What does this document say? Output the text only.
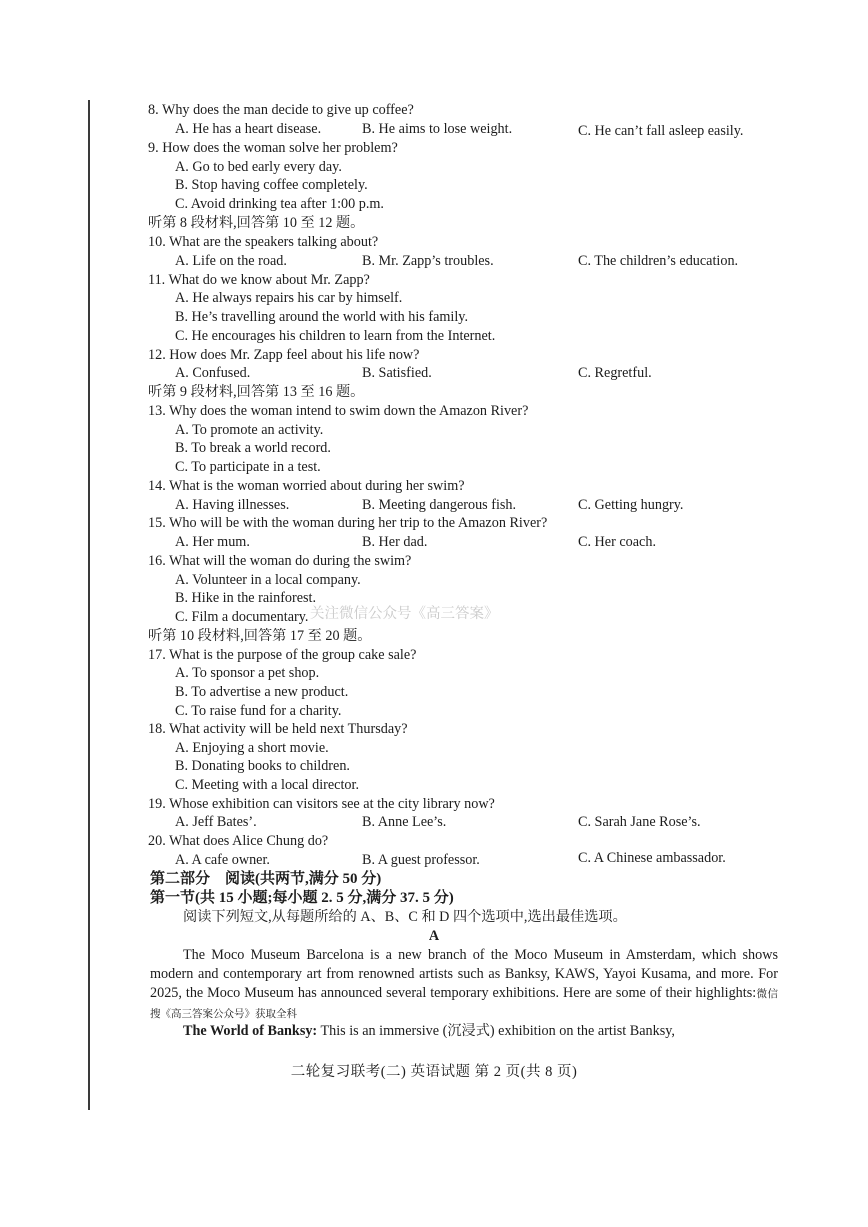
8. Why does the man decide to give up coffee?
A. He has a heart disease.	B. He aims to lose weight.	C. He can’t fall asleep easily.
9. How does the woman solve her problem?
A. Go to bed early every day.
B. Stop having coffee completely.
C. Avoid drinking tea after 1:00 p.m.
听第 8 段材料,回答第 10 至 12 题。
10. What are the speakers talking about?
A. Life on the road.	B. Mr. Zapp’s troubles.	C. The children’s education.
11. What do we know about Mr. Zapp?
A. He always repairs his car by himself.
B. He’s travelling around the world with his family.
C. He encourages his children to learn from the Internet.
12. How does Mr. Zapp feel about his life now?
A. Confused.	B. Satisfied.	C. Regretful.
听第 9 段材料,回答第 13 至 16 题。
13. Why does the woman intend to swim down the Amazon River?
A. To promote an activity.
B. To break a world record.
C. To participate in a test.
14. What is the woman worried about during her swim?
A. Having illnesses.	B. Meeting dangerous fish.	C. Getting hungry.
15. Who will be with the woman during her trip to the Amazon River?
A. Her mum.	B. Her dad.	C. Her coach.
16. What will the woman do during the swim?
A. Volunteer in a local company.
B. Hike in the rainforest.
C. Film a documentary. 关注微信公众号《高三答案》
听第 10 段材料,回答第 17 至 20 题。
17. What is the purpose of the group cake sale?
A. To sponsor a pet shop.
B. To advertise a new product.
C. To raise fund for a charity.
18. What activity will be held next Thursday?
A. Enjoying a short movie.
B. Donating books to children.
C. Meeting with a local director.
19. Whose exhibition can visitors see at the city library now?
A. Jeff Bates’.	B. Anne Lee’s.	C. Sarah Jane Rose’s.
20. What does Alice Chung do?
A. A cafe owner.	B. A guest professor.	C. A Chinese ambassador.
第二部分　阅读(共两节,满分 50 分)
第一节(共 15 小题;每小题 2. 5 分,满分 37. 5 分)
阅读下列短文,从每题所给的 A、B、C 和 D 四个选项中,选出最佳选项。
A
The Moco Museum Barcelona is a new branch of the Moco Museum in Amsterdam, which shows modern and contemporary art from renowned artists such as Banksy, KAWS, Yayoi Kusama, and more. For 2025, the Moco Museum has announced several temporary exhibitions. Here are some of their highlights:微信搜《高三答案公众号》获取全科
The World of Banksy: This is an immersive (沉浸式) exhibition on the artist Banksy,
二轮复习联考(二) 英语试题 第 2 页(共 8 页)
